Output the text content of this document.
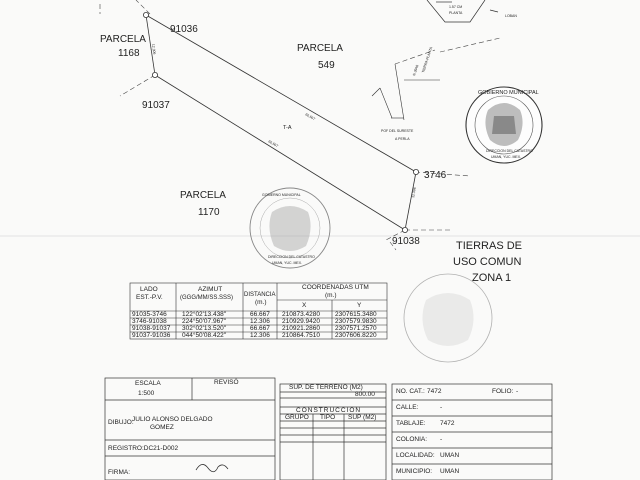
1.57 CM
PLANTA
LOBAN
PARCELA
1168	PARCELA
549
PARCELA
1170
TIERRAS DE
USO COMUN
ZONA 1
T-A
91036
91037
3746
91038
12.306
66.667
66.667
12.306
POF DEL SURESTE
A PERLA
TIERRA PLANTA
N 3946
GOBIERNO MUNICIPAL
DIRECCION DEL CATASTRO
UMAN, YUC. MEX.
GOBIERNO MUNICIPAL
DIRECCION DEL CATASTRO
UMAN, YUC. MEX.
LADO
EST.-P.V.
AZIMUT
(GGG/MM/SS.SSS) DISTANCIA
(m.)
COORDENADAS UTM
(m.)
X	Y
91035-3746 122°02'13.438"	66.667 210873.4280 2307615.3480
3746-91038 224°50'07.967"	12.306 210929.9420 2307579.9830
91038-91037 302°02'13.520"	66.667 210921.2860 2307571.2570
91037-91036 044°50'08.422"	12.306 210864.7510 2307606.8220
ESCALA
1:500
REVISÓ
DIBUJO:
JULIO ALONSO DELGADO
GOMEZ
REGISTRO:DC21-D002
FIRMA:
SUP. DE TERRENO (M2)
800.00
CONSTRUCCION
GRUPO TIPO SUP (M2)
NO. CAT.: 7472	FOLIO: -
CALLE:	-
TABLAJE: 7472
COLONIA: -
LOCALIDAD: UMAN
MUNICIPIO: UMAN
